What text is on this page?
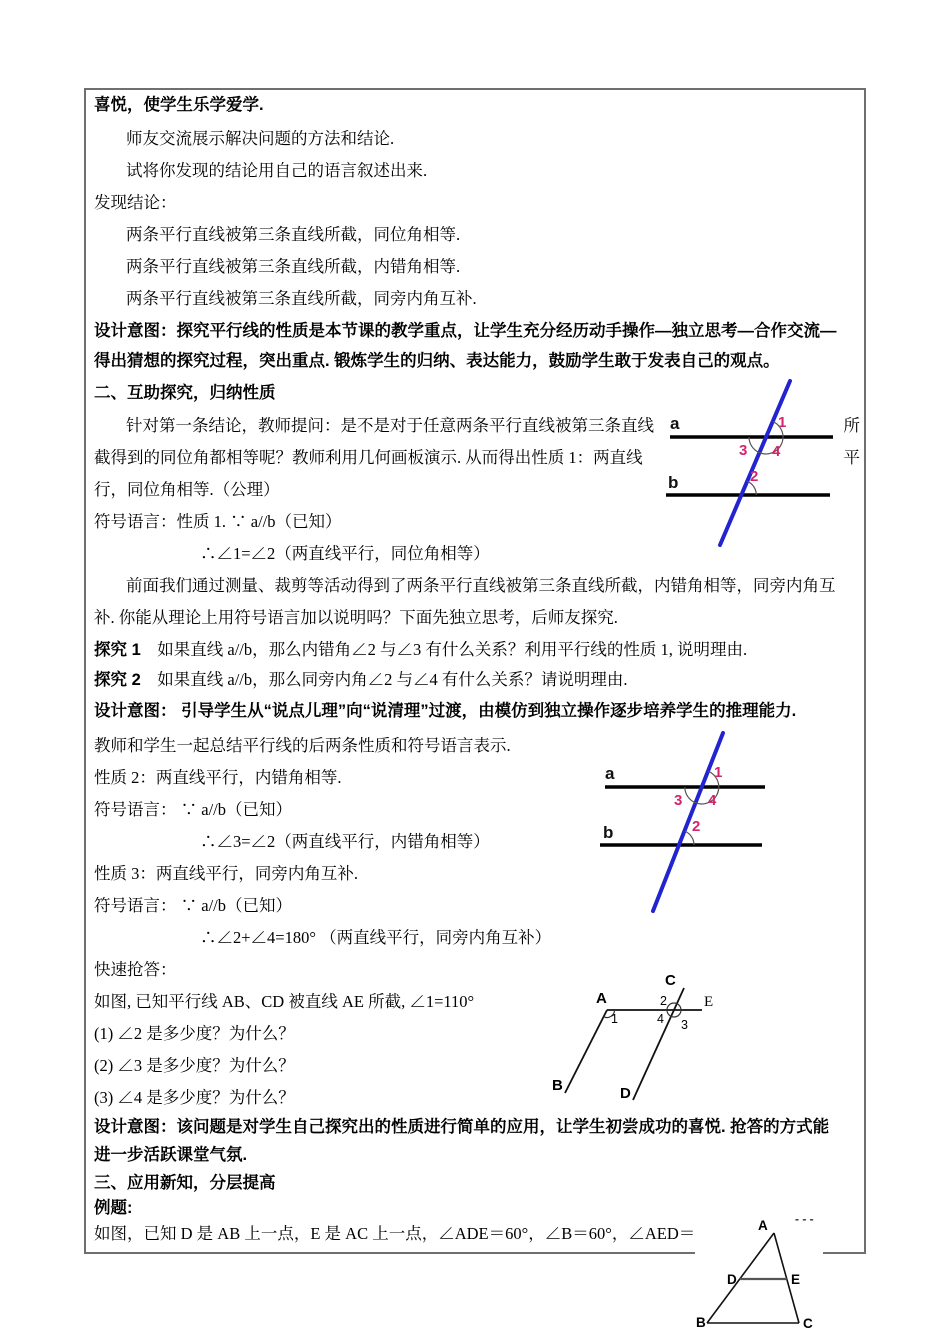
喜悦，使学生乐学爱学.
师友交流展示解决问题的方法和结论.
试将你发现的结论用自己的语言叙述出来.
发现结论：
两条平行直线被第三条直线所截，同位角相等.
两条平行直线被第三条直线所截，内错角相等.
两条平行直线被第三条直线所截，同旁内角互补.
设计意图：探究平行线的性质是本节课的教学重点，让学生充分经历动手操作—独立思考—合作交流—
得出猜想的探究过程，突出重点. 锻炼学生的归纳、表达能力，鼓励学生敢于发表自己的观点。
二、互助探究，归纳性质
针对第一条结论，教师提问：是不是对于任意两条平行直线被第三条直线	所
截得到的同位角都相等呢？教师利用几何画板演示. 从而得出性质 1：两直线	平
行，同位角相等.（公理）
符号语言：性质 1. ∵ a//b（已知）
∴∠1=∠2（两直线平行，同位角相等）
前面我们通过测量、裁剪等活动得到了两条平行直线被第三条直线所截，内错角相等，同旁内角互
补. 你能从理论上用符号语言加以说明吗？下面先独立思考，后师友探究.
探究 1　如果直线 a//b，那么内错角∠2 与∠3 有什么关系？利用平行线的性质 1, 说明理由.
探究 2　如果直线 a//b，那么同旁内角∠2 与∠4 有什么关系？请说明理由.
设计意图： 引导学生从“说点儿理”向“说清理”过渡，由模仿到独立操作逐步培养学生的推理能力.
教师和学生一起总结平行线的后两条性质和符号语言表示.
性质 2：两直线平行，内错角相等.
符号语言： ∵ a//b（已知）
∴∠3=∠2（两直线平行，内错角相等）
性质 3：两直线平行，同旁内角互补.
符号语言： ∵ a//b（已知）
∴∠2+∠4=180° （两直线平行，同旁内角互补）
快速抢答：
如图, 已知平行线 AB、CD 被直线 AE 所截, ∠1=110°
(1) ∠2 是多少度？为什么？
(2) ∠3 是多少度？为什么？
(3) ∠4 是多少度？为什么？
设计意图：该问题是对学生自己探究出的性质进行简单的应用，让学生初尝成功的喜悦. 抢答的方式能
进一步活跃课堂气氛.
三、应用新知，分层提高
例题:
如图，已知 D 是 AB 上一点，E 是 AC 上一点，∠ADE＝60°，∠B＝60°，∠AED＝
a
b
1
3 4
2
a
b
1
3 4
2
A
C
E
B	D
2
4 3
1
A
B	C
D	E
- - -
